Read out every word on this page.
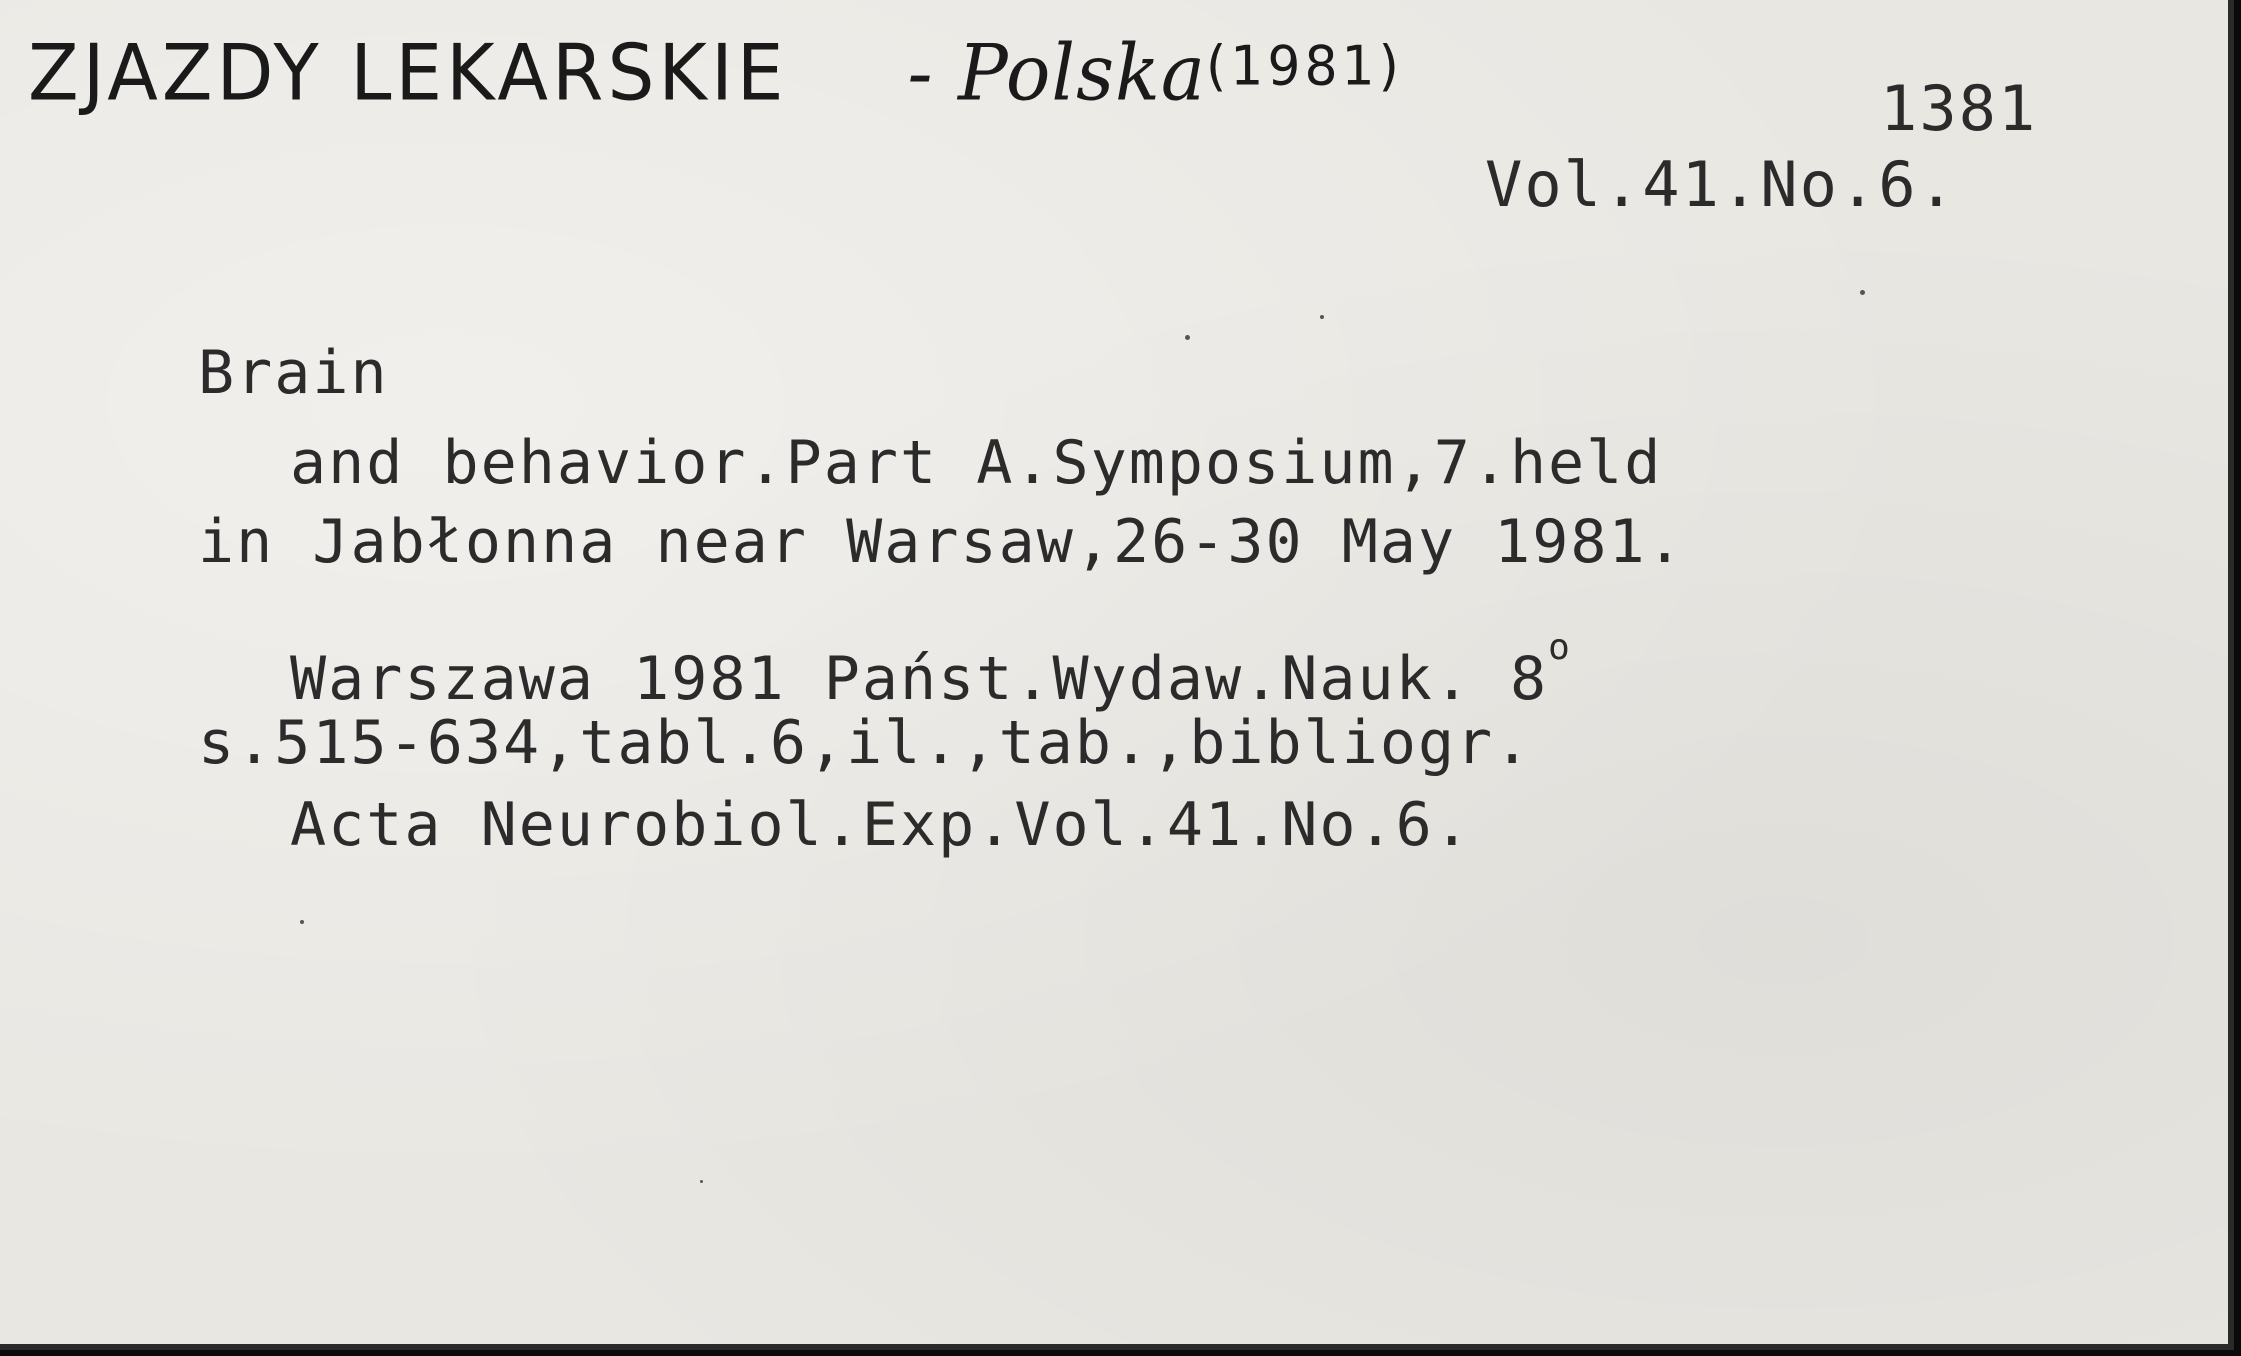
ZJAZDY LEKARSKIE - Polska(1981)
1381
Vol.41.No.6.
Brain
and behavior.Part A.Symposium,7.held
in Jabłonna near Warsaw,26-30 May 1981.
Warszawa 1981 Państ.Wydaw.Nauk. 8$^o$
s.515-634,tabl.6,il.,tab.,bibliogr.
Acta Neurobiol.Exp.Vol.41.No.6.
